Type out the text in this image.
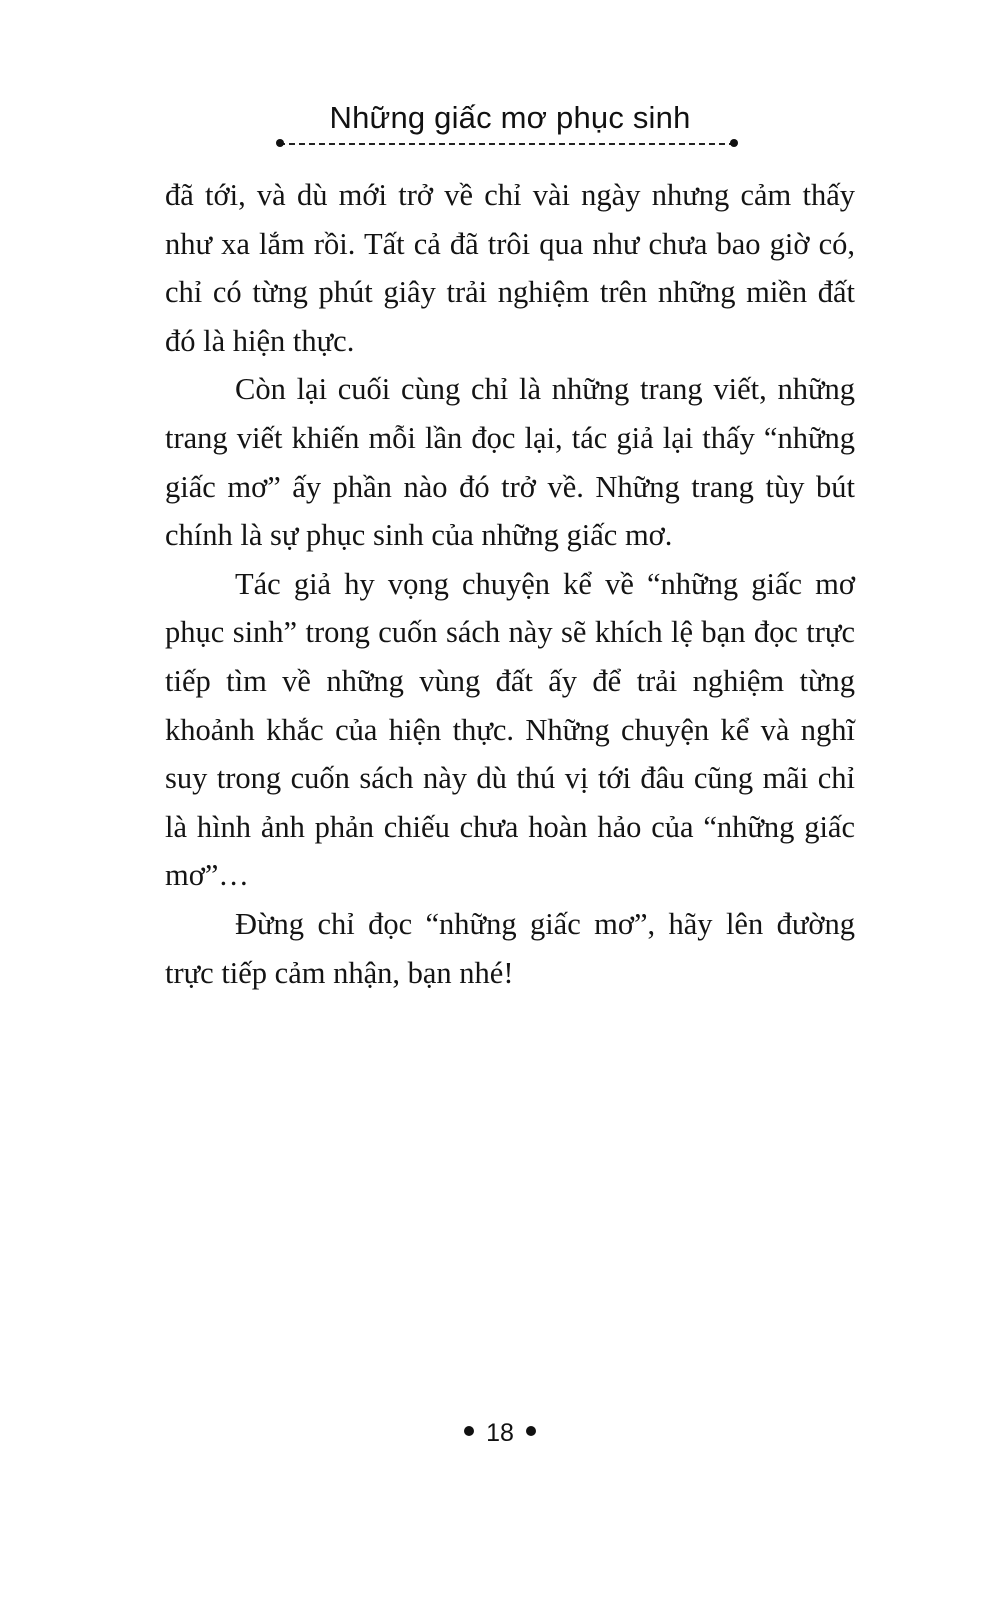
Những giấc mơ phục sinh

đã tới, và dù mới trở về chỉ vài ngày nhưng cảm thấy như xa lắm rồi. Tất cả đã trôi qua như chưa bao giờ có, chỉ có từng phút giây trải nghiệm trên những miền đất đó là hiện thực.

Còn lại cuối cùng chỉ là những trang viết, những trang viết khiến mỗi lần đọc lại, tác giả lại thấy “những giấc mơ” ấy phần nào đó trở về. Những trang tùy bút chính là sự phục sinh của những giấc mơ.

Tác giả hy vọng chuyện kể về “những giấc mơ phục sinh” trong cuốn sách này sẽ khích lệ bạn đọc trực tiếp tìm về những vùng đất ấy để trải nghiệm từng khoảnh khắc của hiện thực. Những chuyện kể và nghĩ suy trong cuốn sách này dù thú vị tới đâu cũng mãi chỉ là hình ảnh phản chiếu chưa hoàn hảo của “những giấc mơ”…

Đừng chỉ đọc “những giấc mơ”, hãy lên đường trực tiếp cảm nhận, bạn nhé!

18
